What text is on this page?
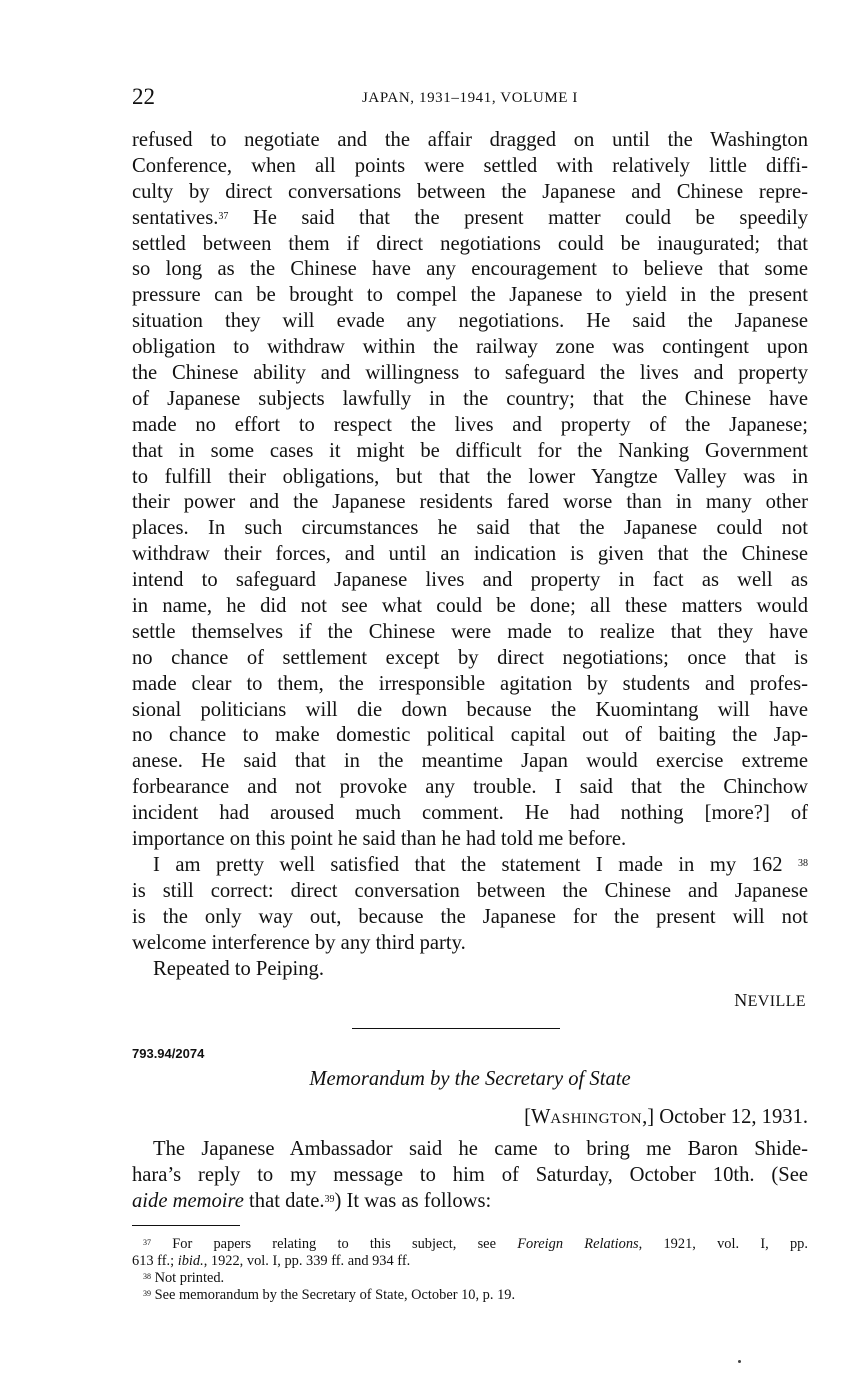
22	JAPAN, 1931–1941, VOLUME I
refused to negotiate and the affair dragged on until the Washington
Conference, when all points were settled with relatively little diffi-
culty by direct conversations between the Japanese and Chinese repre-
sentatives.$^{37}$ He said that the present matter could be speedily
settled between them if direct negotiations could be inaugurated; that
so long as the Chinese have any encouragement to believe that some
pressure can be brought to compel the Japanese to yield in the present
situation they will evade any negotiations. He said the Japanese
obligation to withdraw within the railway zone was contingent upon
the Chinese ability and willingness to safeguard the lives and property
of Japanese subjects lawfully in the country; that the Chinese have
made no effort to respect the lives and property of the Japanese;
that in some cases it might be difficult for the Nanking Government
to fulfill their obligations, but that the lower Yangtze Valley was in
their power and the Japanese residents fared worse than in many other
places. In such circumstances he said that the Japanese could not
withdraw their forces, and until an indication is given that the Chinese
intend to safeguard Japanese lives and property in fact as well as
in name, he did not see what could be done; all these matters would
settle themselves if the Chinese were made to realize that they have
no chance of settlement except by direct negotiations; once that is
made clear to them, the irresponsible agitation by students and profes-
sional politicians will die down because the Kuomintang will have
no chance to make domestic political capital out of baiting the Jap-
anese. He said that in the meantime Japan would exercise extreme
forbearance and not provoke any trouble. I said that the Chinchow
incident had aroused much comment. He had nothing [more?] of
importance on this point he said than he had told me before.
I am pretty well satisfied that the statement I made in my 162 $^{38}$
is still correct: direct conversation between the Chinese and Japanese
is the only way out, because the Japanese for the present will not
welcome interference by any third party.
Repeated to Peiping.
NEVILLE
793.94/2074
Memorandum by the Secretary of State
[WASHINGTON,] October 12, 1931.
The Japanese Ambassador said he came to bring me Baron Shide-
hara’s reply to my message to him of Saturday, October 10th. (See
aide memoire that date.$^{39}$) It was as follows:
$^{37}$ For papers relating to this subject, see Foreign Relations, 1921, vol. I, pp.
613 ff.; ibid., 1922, vol. I, pp. 339 ff. and 934 ff.
$^{38}$ Not printed.
$^{39}$ See memorandum by the Secretary of State, October 10, p. 19.
